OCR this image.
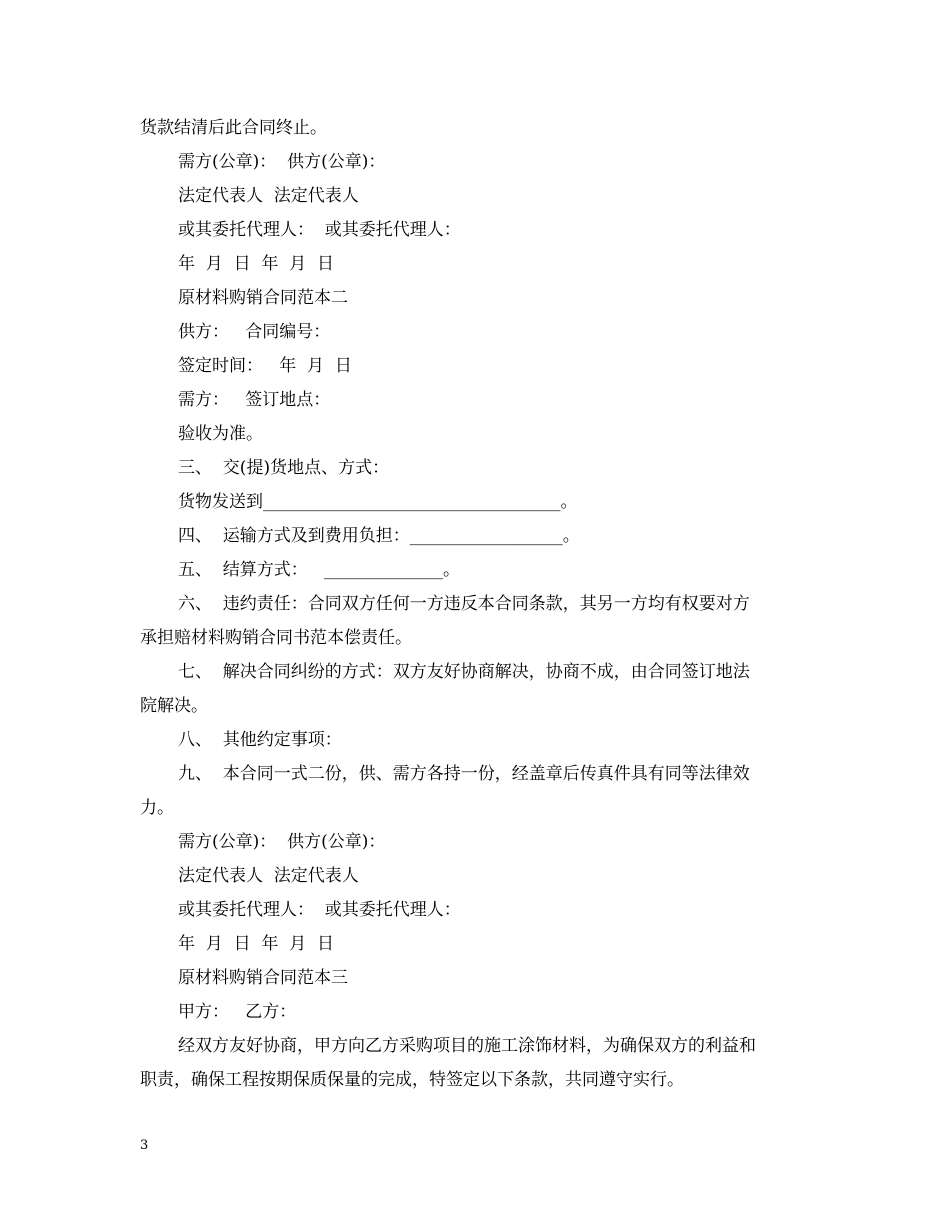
货款结清后此合同终止。
需方(公章)：  供方(公章)：
法定代表人  法定代表人
或其委托代理人：  或其委托代理人：
年  月  日  年  月  日
原材料购销合同范本二
供方：   合同编号：
签定时间：   年  月  日
需方：   签订地点：
验收为准。
三、  交(提)货地点、方式：
货物发送到___________________________________。
四、  运输方式及到费用负担：__________________。
五、  结算方式：   ______________。
六、  违约责任：合同双方任何一方违反本合同条款，其另一方均有权要对方
承担赔材料购销合同书范本偿责任。
七、  解决合同纠纷的方式：双方友好协商解决，协商不成，由合同签订地法
院解决。
八、  其他约定事项：
九、  本合同一式二份，供、需方各持一份，经盖章后传真件具有同等法律效
力。
需方(公章)：  供方(公章)：
法定代表人  法定代表人
或其委托代理人：  或其委托代理人：
年  月  日  年  月  日
原材料购销合同范本三
甲方：   乙方：
经双方友好协商，甲方向乙方采购项目的施工涂饰材料，为确保双方的利益和
职责，确保工程按期保质保量的完成，特签定以下条款，共同遵守实行。
3
